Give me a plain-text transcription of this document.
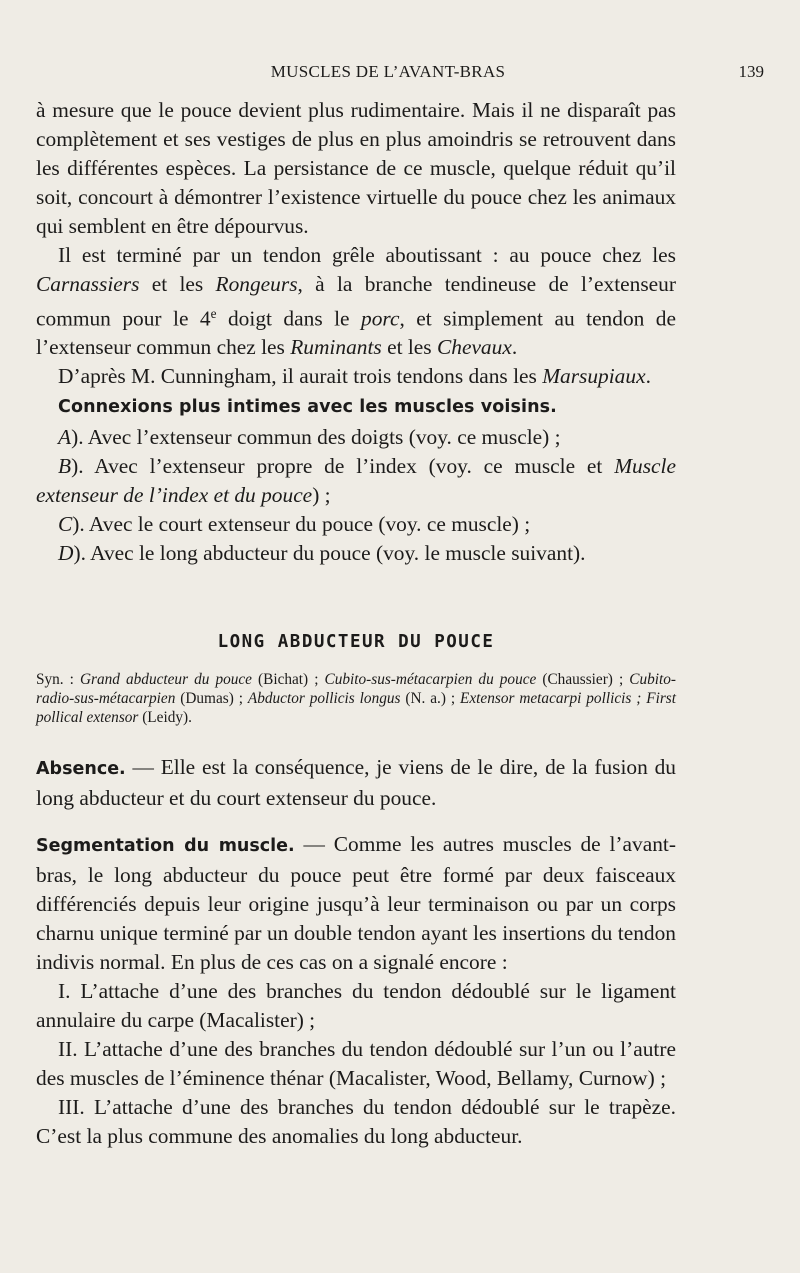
MUSCLES DE L’AVANT-BRAS	139

à mesure que le pouce devient plus rudimentaire. Mais il ne disparaît pas complètement et ses vestiges de plus en plus amoindris se retrouvent dans les différentes espèces. La persistance de ce muscle, quelque réduit qu’il soit, concourt à démontrer l’existence virtuelle du pouce chez les animaux qui semblent en être dépourvus.

Il est terminé par un tendon grêle aboutissant : au pouce chez les Carnassiers et les Rongeurs, à la branche tendineuse de l’extenseur commun pour le 4e doigt dans le porc, et simplement au tendon de l’extenseur commun chez les Ruminants et les Chevaux.

D’après M. Cunningham, il aurait trois tendons dans les Marsupiaux.

Connexions plus intimes avec les muscles voisins.

A). Avec l’extenseur commun des doigts (voy. ce muscle) ;

B). Avec l’extenseur propre de l’index (voy. ce muscle et Muscle extenseur de l’index et du pouce) ;

C). Avec le court extenseur du pouce (voy. ce muscle) ;

D). Avec le long abducteur du pouce (voy. le muscle suivant).

LONG ABDUCTEUR DU POUCE

Syn. : Grand abducteur du pouce (Bichat) ; Cubito-sus-métacarpien du pouce (Chaussier) ; Cubito-radio-sus-métacarpien (Dumas) ; Abductor pollicis longus (N. a.) ; Extensor metacarpi pollicis ; First pollical extensor (Leidy).

Absence. — Elle est la conséquence, je viens de le dire, de la fusion du long abducteur et du court extenseur du pouce.

Segmentation du muscle. — Comme les autres muscles de l’avant-bras, le long abducteur du pouce peut être formé par deux faisceaux différenciés depuis leur origine jusqu’à leur terminaison ou par un corps charnu unique terminé par un double tendon ayant les insertions du tendon indivis normal. En plus de ces cas on a signalé encore :

I. L’attache d’une des branches du tendon dédoublé sur le ligament annulaire du carpe (Macalister) ;

II. L’attache d’une des branches du tendon dédoublé sur l’un ou l’autre des muscles de l’éminence thénar (Macalister, Wood, Bellamy, Curnow) ;

III. L’attache d’une des branches du tendon dédoublé sur le trapèze. C’est la plus commune des anomalies du long abducteur.
